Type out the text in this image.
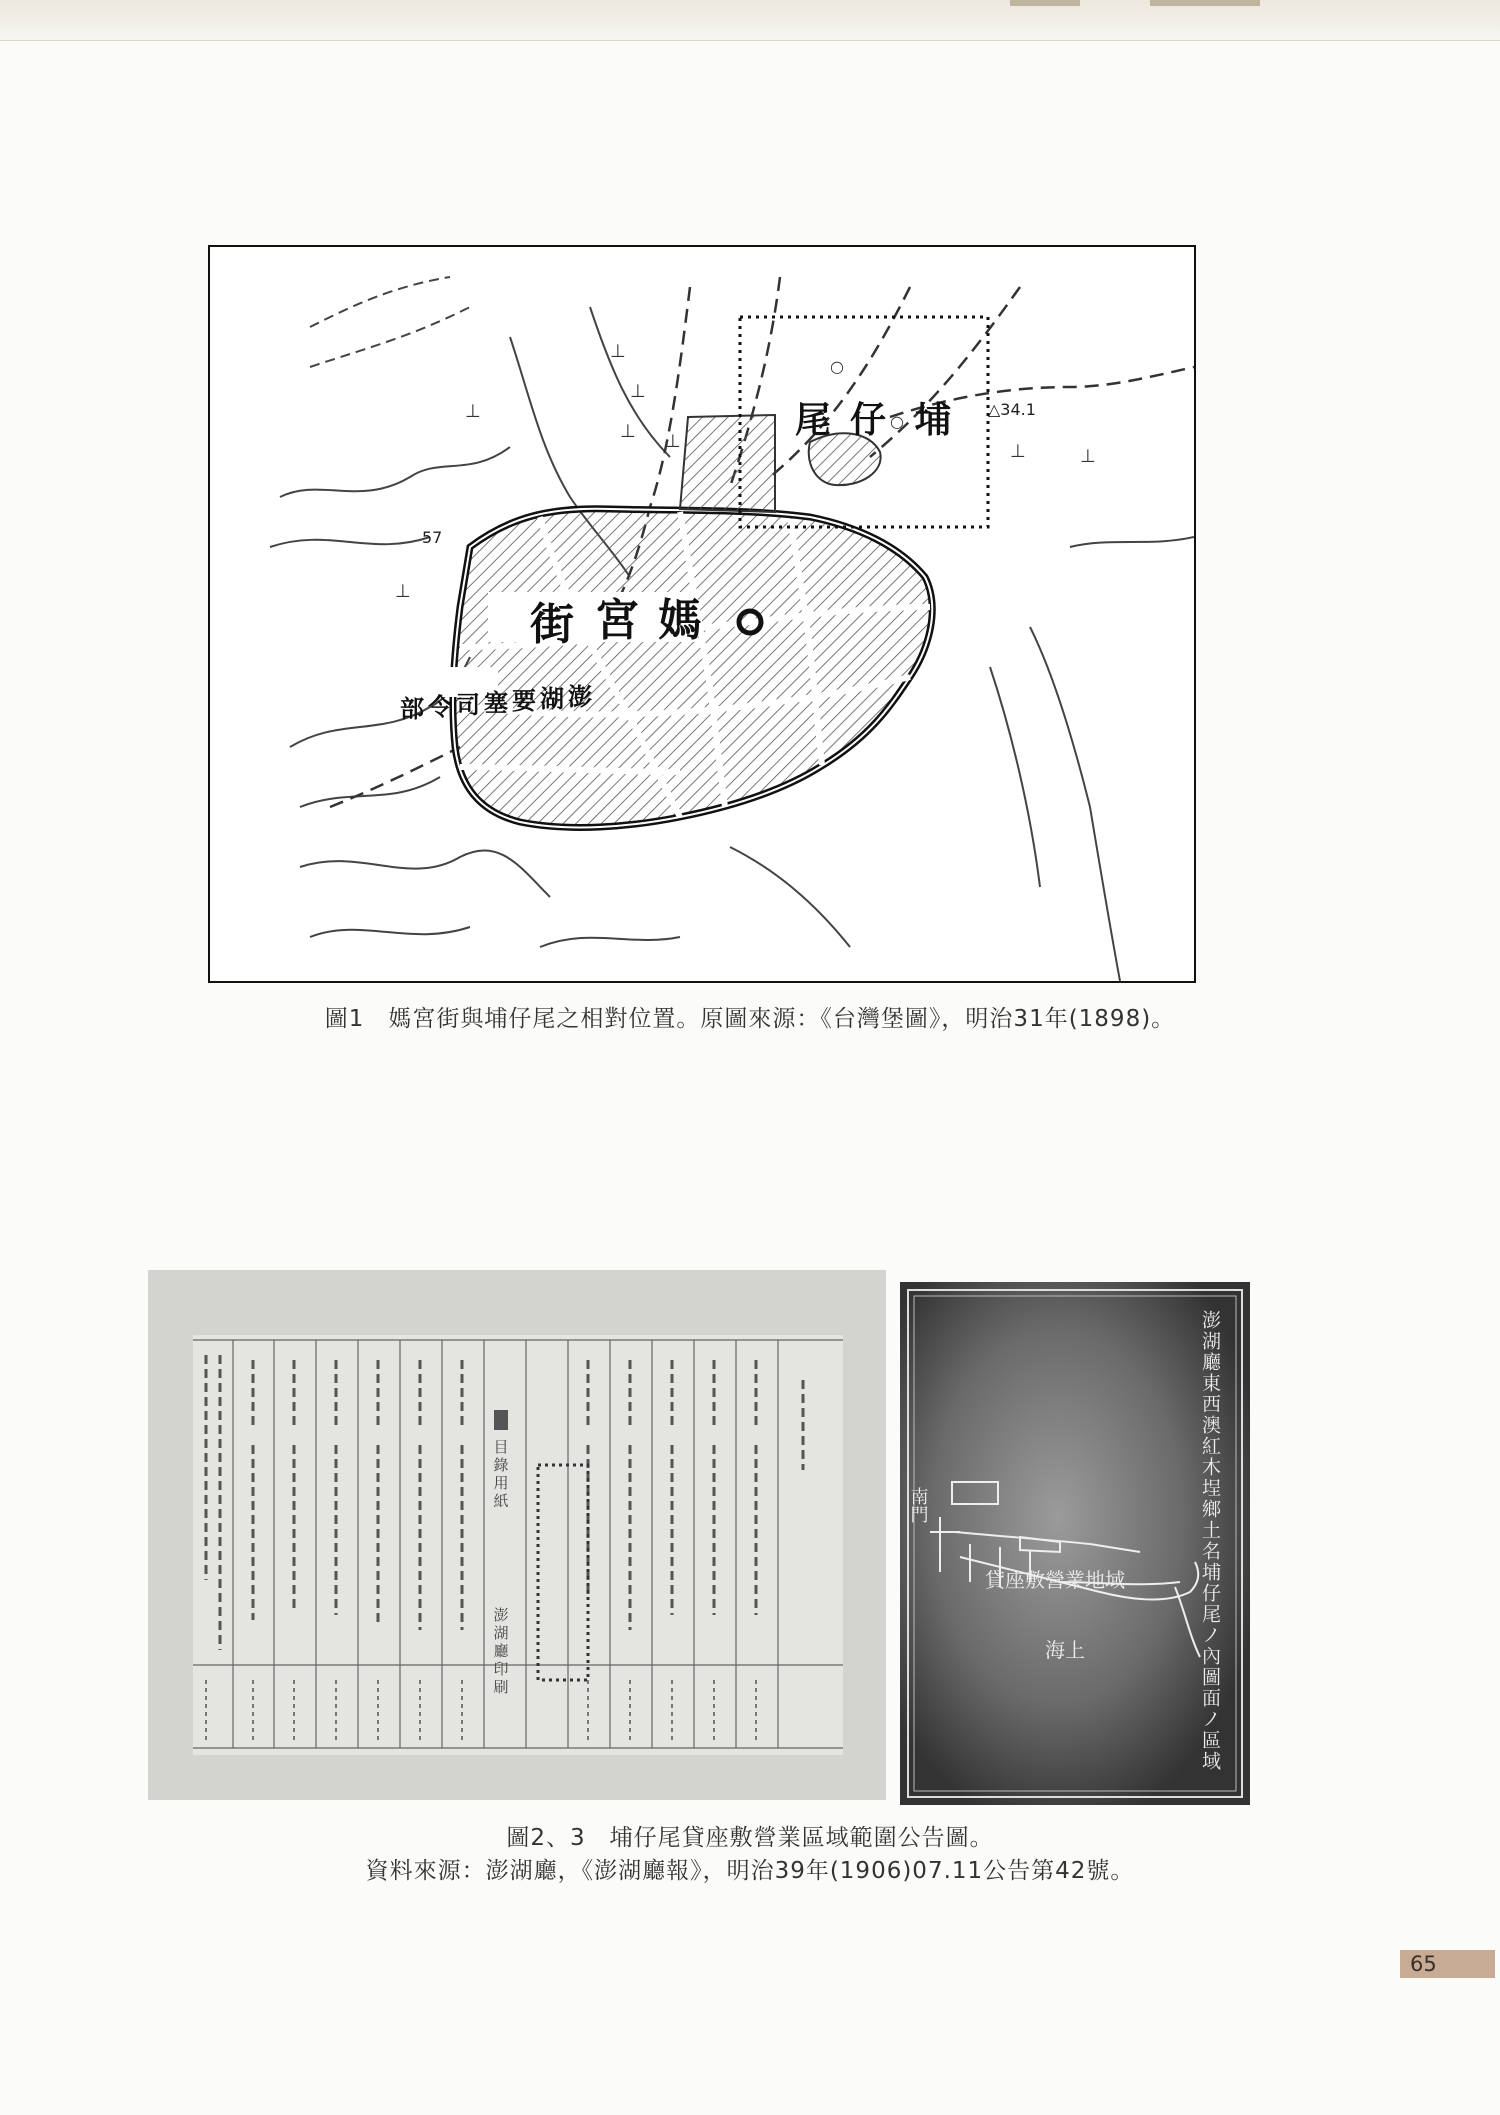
⊥
⊥
⊥ ⊥	⊥	⊥
⊥
⊥
○
○
街 宮 媽
尾 仔 埔
部 令 司 塞 要 湖 澎
57
△34.1
圖1　媽宮街與埔仔尾之相對位置。原圖來源：《台灣堡圖》，明治31年(1898)。
目
錄
用
紙
澎
湖
廳
印
刷	澎湖廳東西澳紅木埕鄉土名埔仔尾ノ內圖面ノ區域
南門
貸座敷營業地域
海上
圖2、3　埔仔尾貸座敷營業區域範圍公告圖。
資料來源：澎湖廳，《澎湖廳報》，明治39年(1906)07.11公告第42號。
65
